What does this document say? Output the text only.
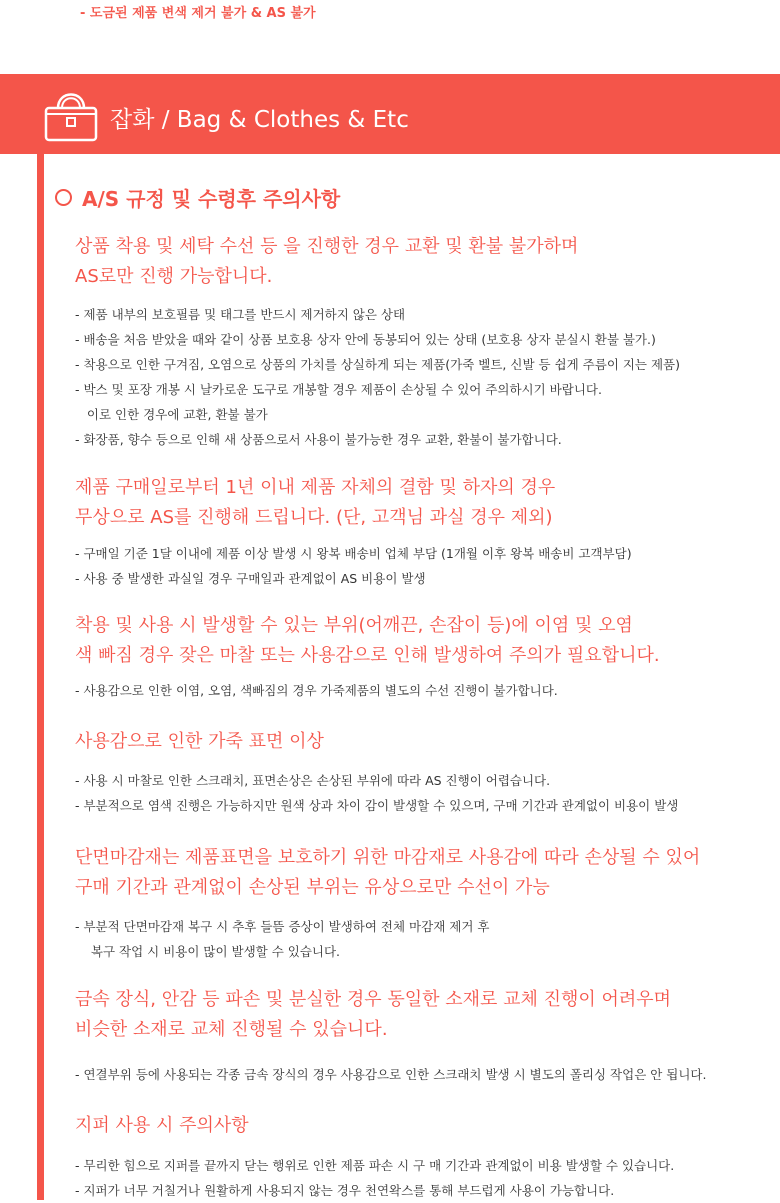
- 도금된 제품 변색 제거 불가 & AS 불가
잡화 / Bag & Clothes & Etc
A/S 규정 및 수령후 주의사항
상품 착용 및 세탁 수선 등 을 진행한 경우 교환 및 환불 불가하며
AS로만 진행 가능합니다.
- 제품 내부의 보호필름 및 태그를 반드시 제거하지 않은 상태
- 배송을 처음 받았을 때와 같이 상품 보호용 상자 안에 동봉되어 있는 상태 (보호용 상자 분실시 환불 불가.)
- 착용으로 인한 구겨짐, 오염으로 상품의 가치를 상실하게 되는 제품(가죽 벨트, 신발 등 쉽게 주름이 지는 제품)
- 박스 및 포장 개봉 시 날카로운 도구로 개봉할 경우 제품이 손상될 수 있어 주의하시기 바랍니다.
이로 인한 경우에 교환, 환불 불가
- 화장품, 향수 등으로 인해 새 상품으로서 사용이 불가능한 경우 교환, 환불이 불가합니다.
제품 구매일로부터 1년 이내 제품 자체의 결함 및 하자의 경우
무상으로 AS를 진행해 드립니다. (단, 고객님 과실 경우 제외)
- 구매일 기준 1달 이내에 제품 이상 발생 시 왕복 배송비 업체 부담 (1개월 이후 왕복 배송비 고객부담)
- 사용 중 발생한 과실일 경우 구매일과 관계없이 AS 비용이 발생
착용 및 사용 시 발생할 수 있는 부위(어깨끈, 손잡이 등)에 이염 및 오염
색 빠짐 경우 잦은 마찰 또는 사용감으로 인해 발생하여 주의가 필요합니다.
- 사용감으로 인한 이염, 오염, 색빠짐의 경우 가죽제품의 별도의 수선 진행이 불가합니다.
사용감으로 인한 가죽 표면 이상
- 사용 시 마찰로 인한 스크래치, 표면손상은 손상된 부위에 따라 AS 진행이 어렵습니다.
- 부분적으로 염색 진행은 가능하지만 원색 상과 차이 감이 발생할 수 있으며, 구매 기간과 관계없이 비용이 발생
단면마감재는 제품표면을 보호하기 위한 마감재로 사용감에 따라 손상될 수 있어
구매 기간과 관계없이 손상된 부위는 유상으로만 수선이 가능
- 부분적 단면마감재 복구 시 추후 들뜸 증상이 발생하여 전체 마감재 제거 후
복구 작업 시 비용이 많이 발생할 수 있습니다.
금속 장식, 안감 등 파손 및 분실한 경우 동일한 소재로 교체 진행이 어려우며
비슷한 소재로 교체 진행될 수 있습니다.
- 연결부위 등에 사용되는 각종 금속 장식의 경우 사용감으로 인한 스크래치 발생 시 별도의 폴리싱 작업은 안 됩니다.
지퍼 사용 시 주의사항
- 무리한 힘으로 지퍼를 끝까지 닫는 행위로 인한 제품 파손 시 구 매 기간과 관계없이 비용 발생할 수 있습니다.
- 지퍼가 너무 거칠거나 원활하게 사용되지 않는 경우 천연왁스를 통해 부드럽게 사용이 가능합니다.
